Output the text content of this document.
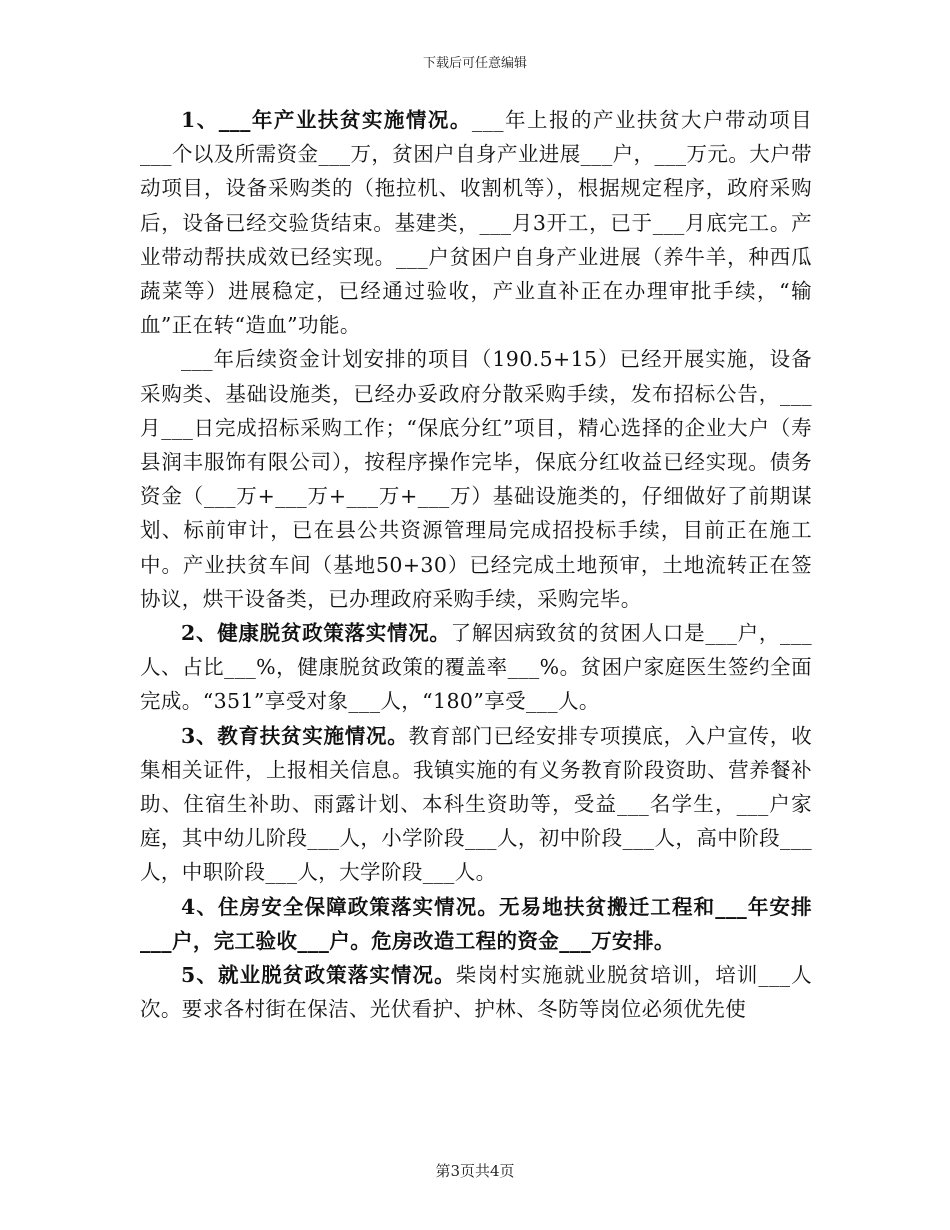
下载后可任意编辑

1、___年产业扶贫实施情况。___年上报的产业扶贫大户带动项目___个以及所需资金___万，贫困户自身产业进展___户，___万元。大户带动项目，设备采购类的（拖拉机、收割机等），根据规定程序，政府采购后，设备已经交验货结束。基建类，___月3开工，已于___月底完工。产业带动帮扶成效已经实现。___户贫困户自身产业进展（养牛羊，种西瓜蔬菜等）进展稳定，已经通过验收，产业直补正在办理审批手续，“输血”正在转“造血”功能。

___年后续资金计划安排的项目（190.5+15）已经开展实施，设备采购类、基础设施类，已经办妥政府分散采购手续，发布招标公告，___月___日完成招标采购工作；“保底分红”项目，精心选择的企业大户（寿县润丰服饰有限公司），按程序操作完毕，保底分红收益已经实现。债务资金（___万+___万+___万+___万）基础设施类的，仔细做好了前期谋划、标前审计，已在县公共资源管理局完成招投标手续，目前正在施工中。产业扶贫车间（基地50+30）已经完成土地预审，土地流转正在签协议，烘干设备类，已办理政府采购手续，采购完毕。

2、健康脱贫政策落实情况。了解因病致贫的贫困人口是___户，___人、占比___%，健康脱贫政策的覆盖率___%。贫困户家庭医生签约全面完成。“351”享受对象___人，“180”享受___人。

3、教育扶贫实施情况。教育部门已经安排专项摸底，入户宣传，收集相关证件，上报相关信息。我镇实施的有义务教育阶段资助、营养餐补助、住宿生补助、雨露计划、本科生资助等，受益___名学生，___户家庭，其中幼儿阶段___人，小学阶段___人，初中阶段___人，高中阶段___人，中职阶段___人，大学阶段___人。

4、住房安全保障政策落实情况。无易地扶贫搬迁工程和___年安排___户，完工验收___户。危房改造工程的资金___万安排。

5、就业脱贫政策落实情况。柴岗村实施就业脱贫培训，培训___人次。要求各村街在保洁、光伏看护、护林、冬防等岗位必须优先使

第3页共4页
